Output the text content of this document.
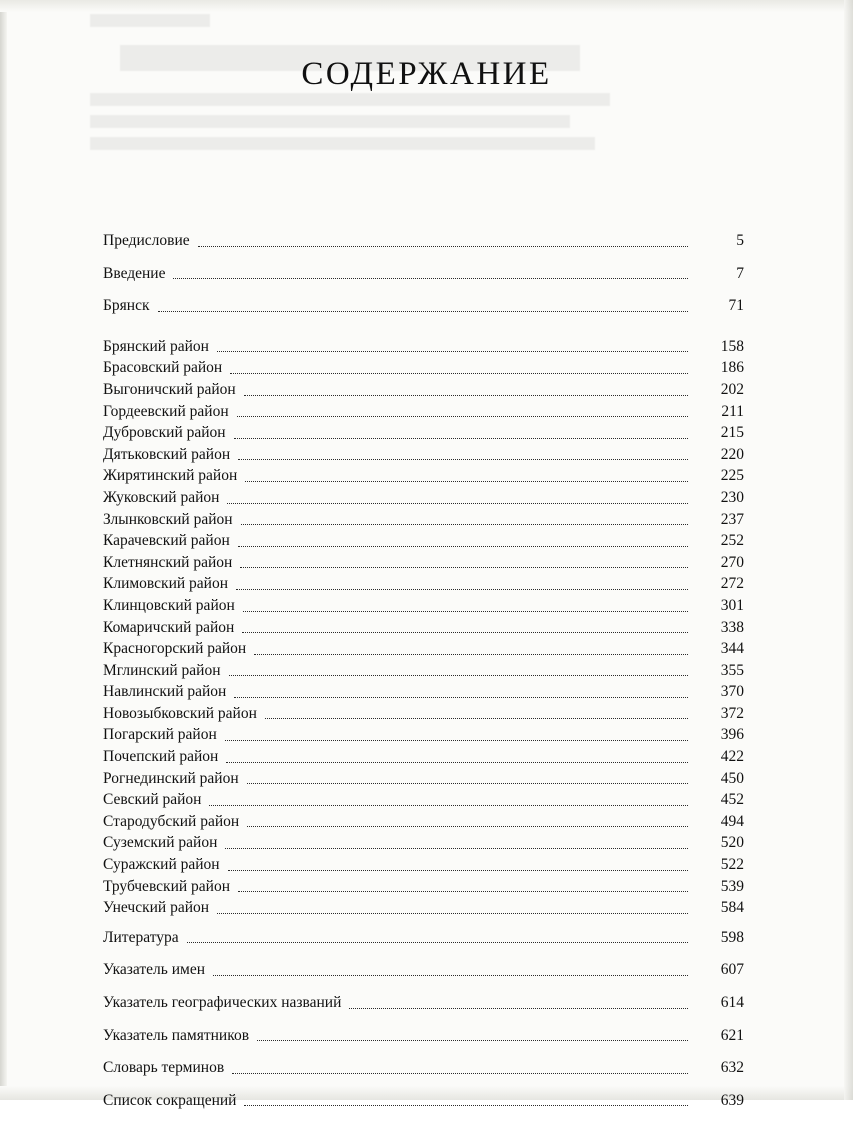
СОДЕРЖАНИЕ
Предисловие	5
Введение	7
Брянск	71
Брянский район	158
Брасовский район	186
Выгоничский район	202
Гордеевский район	211
Дубровский район	215
Дятьковский район	220
Жирятинский район	225
Жуковский район	230
Злынковский район	237
Карачевский район	252
Клетнянский район	270
Климовский район	272
Клинцовский район	301
Комаричский район	338
Красногорский район	344
Мглинский район	355
Навлинский район	370
Новозыбковский район	372
Погарский район	396
Почепский район	422
Рогнединский район	450
Севский район	452
Стародубский район	494
Суземский район	520
Суражский район	522
Трубчевский район	539
Унечский район	584
Литература	598
Указатель имен	607
Указатель географических названий	614
Указатель памятников	621
Словарь терминов	632
Список сокращений	639
